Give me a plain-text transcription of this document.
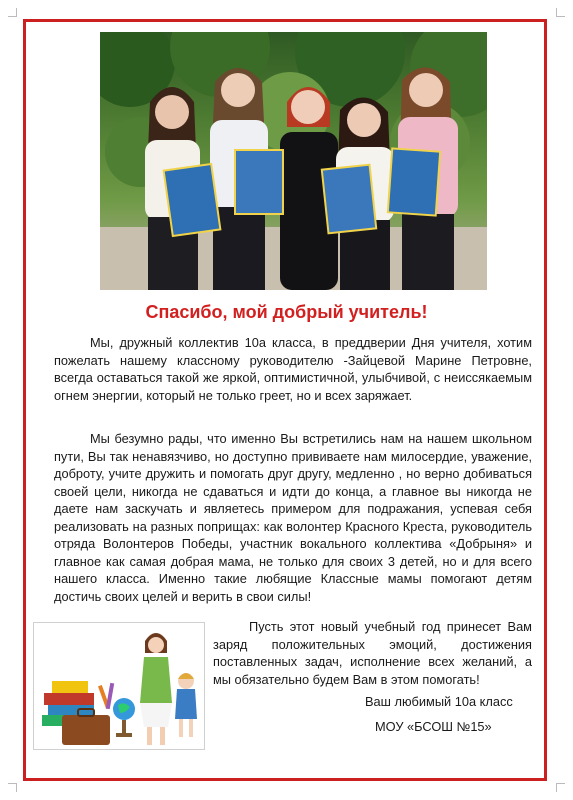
Спасибо, мой добрый учитель!

Мы, дружный коллектив 10а класса, в преддверии Дня учителя, хотим пожелать нашему классному руководителю -Зайцевой Марине Петровне, всегда оставаться такой же яркой, оптимистичной, улыбчивой, с неиссякаемым огнем энергии, который не только греет, но и всех заряжает.

Мы безумно рады, что именно Вы встретились нам на нашем школьном пути, Вы так ненавязчиво, но доступно прививаете нам милосердие, уважение, доброту, учите дружить и помогать друг другу, медленно , но верно добиваться своей цели, никогда не сдаваться и идти до конца, а главное вы никогда не даете нам заскучать и являетесь примером для подражания, успевая себя реализовать на разных поприщах: как волонтер Красного Креста, руководитель отряда Волонтеров Победы, участник вокального коллектива «Добрыня» и главное как самая добрая мама, не только для своих 3 детей, но и для всего нашего класса. Именно такие любящие Классные мамы помогают детям достичь своих целей и верить в свои силы!

Пусть этот новый учебный год принесет Вам заряд положительных эмоций, достижения поставленных задач, исполнение всех желаний, а мы обязательно будем Вам в этом помогать!

Ваш любимый 10а класс

МОУ «БСОШ №15»
